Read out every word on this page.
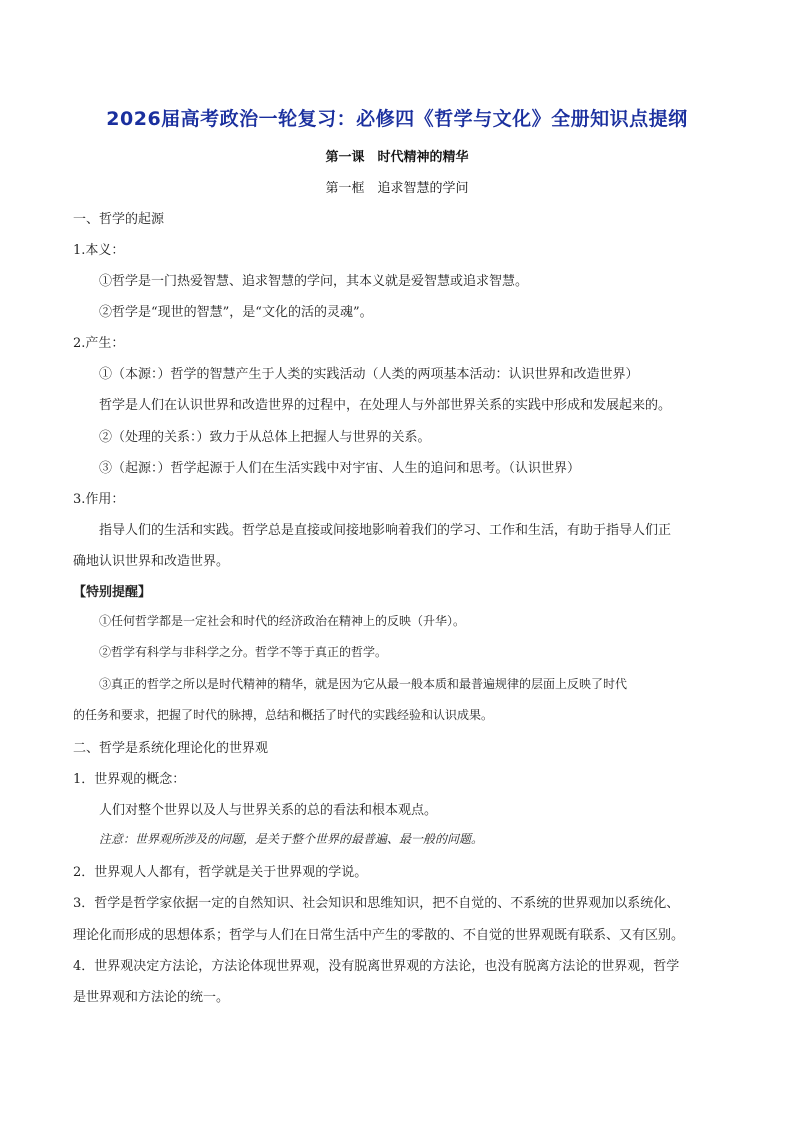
2026届高考政治一轮复习：必修四《哲学与文化》全册知识点提纲
第一课　时代精神的精华
第一框　追求智慧的学问
一、哲学的起源
1.本义：
①哲学是一门热爱智慧、追求智慧的学问，其本义就是爱智慧或追求智慧。
②哲学是“现世的智慧”，是“文化的活的灵魂”。
2.产生：
①（本源：）哲学的智慧产生于人类的实践活动（人类的两项基本活动：认识世界和改造世界）
哲学是人们在认识世界和改造世界的过程中，在处理人与外部世界关系的实践中形成和发展起来的。
②（处理的关系：）致力于从总体上把握人与世界的关系。
③（起源：）哲学起源于人们在生活实践中对宇宙、人生的追问和思考。（认识世界）
3.作用：
指导人们的生活和实践。哲学总是直接或间接地影响着我们的学习、工作和生活，有助于指导人们正
确地认识世界和改造世界。
【特别提醒】
①任何哲学都是一定社会和时代的经济政治在精神上的反映（升华）。
②哲学有科学与非科学之分。哲学不等于真正的哲学。
③真正的哲学之所以是时代精神的精华，就是因为它从最一般本质和最普遍规律的层面上反映了时代
的任务和要求，把握了时代的脉搏，总结和概括了时代的实践经验和认识成果。
二、哲学是系统化理论化的世界观
1．世界观的概念：
人们对整个世界以及人与世界关系的总的看法和根本观点。
注意：世界观所涉及的问题，是关于整个世界的最普遍、最一般的问题。
2．世界观人人都有，哲学就是关于世界观的学说。
3．哲学是哲学家依据一定的自然知识、社会知识和思维知识，把不自觉的、不系统的世界观加以系统化、
理论化而形成的思想体系；哲学与人们在日常生活中产生的零散的、不自觉的世界观既有联系、又有区别。
4．世界观决定方法论，方法论体现世界观，没有脱离世界观的方法论，也没有脱离方法论的世界观，哲学
是世界观和方法论的统一。
